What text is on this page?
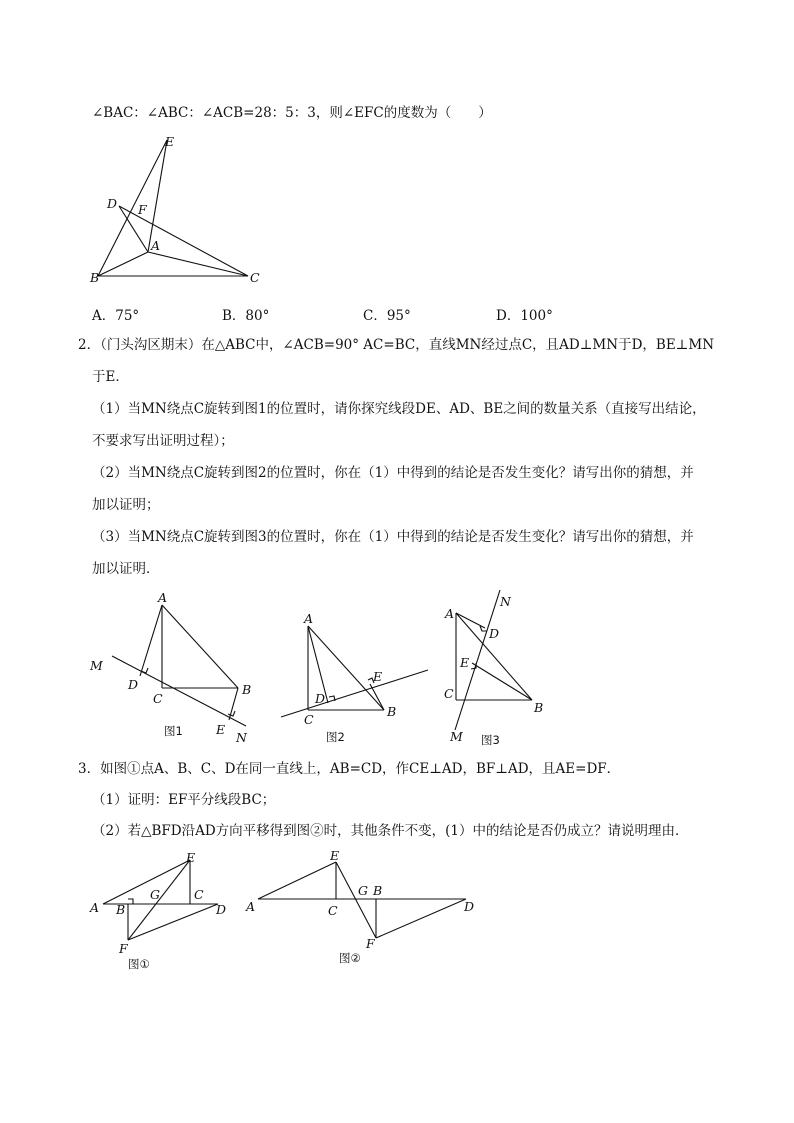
∠BAC：∠ABC：∠ACB=28：5：3，则∠EFC的度数为（　　）
E
D F
A
B	C
A．75°	B．80°	C．95°	D．100°
2．（门头沟区期末）在△ABC中，∠ACB=90° AC=BC，直线MN经过点C，且AD⊥MN于D，BE⊥MN
于E．
（1）当MN绕点C旋转到图1的位置时，请你探究线段DE、AD、BE之间的数量关系（直接写出结论，
不要求写出证明过程）；
（2）当MN绕点C旋转到图2的位置时，你在（1）中得到的结论是否发生变化？请写出你的猜想，并
加以证明；
（3）当MN绕点C旋转到图3的位置时，你在（1）中得到的结论是否发生变化？请写出你的猜想，并
加以证明．
A
M
D
C
B
E
N
图1
A
D
C
E
B
图2
A
N
D
E
C
B
M 图3
3．如图①点A、B、C、D在同一直线上，AB=CD，作CE⊥AD，BF⊥AD，且AE=DF．
（1）证明：EF平分线段BC；
（2）若△BFD沿AD方向平移得到图②时，其他条件不变，(1）中的结论是否仍成立？请说明理由．
E
G	C
A B	D
F
图①
E
G B
A	C	D
F
图②
